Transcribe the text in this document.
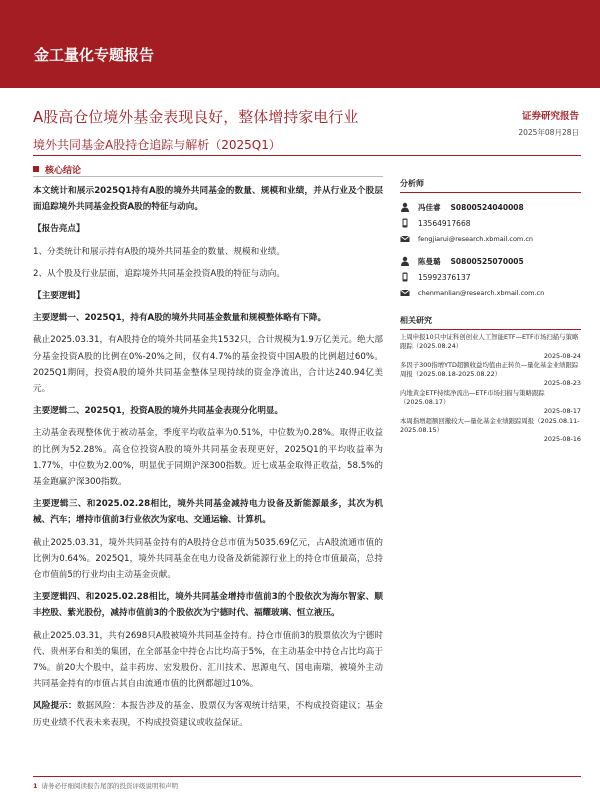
金工量化专题报告
A股高仓位境外基金表现良好，整体增持家电行业
境外共同基金A股持仓追踪与解析（2025Q1）
证券研究报告
2025年08月28日
核心结论

本文统计和展示2025Q1持有A股的境外共同基金的数量、规模和业绩，并从行业及个股层面追踪境外共同基金投资A股的特征与动向。

【报告亮点】

1、分类统计和展示持有A股的境外共同基金的数量、规模和业绩。

2、从个股及行业层面，追踪境外共同基金投资A股的特征与动向。

【主要逻辑】

主要逻辑一、2025Q1，持有A股的境外共同基金数量和规模整体略有下降。

截止2025.03.31，有A股持仓的境外共同基金共1532只，合计规模为1.9万亿美元。绝大部分基金投资A股的比例在0%-20%之间，仅有4.7%的基金投资中国A股的比例超过60%。2025Q1期间，投资A股的境外共同基金整体呈现持续的资金净流出，合计达240.94亿美元。

主要逻辑二、2025Q1，投资A股的境外共同基金表现分化明显。

主动基金表现整体优于被动基金，季度平均收益率为0.51%，中位数为0.28%。取得正收益的比例为52.28%。高仓位投资A股的境外共同基金表现更好，2025Q1的平均收益率为1.77%，中位数为2.00%，明显优于同期沪深300指数。近七成基金取得正收益，58.5%的基金跑赢沪深300指数。

主要逻辑三、和2025.02.28相比，境外共同基金减持电力设备及新能源最多，其次为机械、汽车；增持市值前3行业依次为家电、交通运输、计算机。

截止2025.03.31，境外共同基金持有的A股持仓总市值为5035.69亿元，占A股流通市值的比例为0.64%。2025Q1，境外共同基金在电力设备及新能源行业上的持仓市值最高，总持仓市值前5的行业均由主动基金贡献。

主要逻辑四、和2025.02.28相比，境外共同基金增持市值前3的个股依次为海尔智家、顺丰控股、紫光股份，减持市值前3的个股依次为宁德时代、福耀玻璃、恒立液压。

截止2025.03.31，共有2698只A股被境外共同基金持有。持仓市值前3的股票依次为宁德时代、贵州茅台和美的集团，在全部基金中持仓占比均高于5%，在主动基金中持仓占比均高于7%。前20大个股中，益丰药房、宏发股份、汇川技术、思源电气、国电南瑞，被境外主动共同基金持有的市值占其自由流通市值的比例都超过10%。

风险提示：数据风险：本报告涉及的基金、股票仅为客观统计结果，不构成投资建议；基金历史业绩不代表未来表现，不构成投资建议或收益保证。

分析师
冯佳睿 S0800524040008
13564917668
fengjiarui@research.xbmail.com.cn
陈曼璐 S0800525070005
15992376137
chenmanlian@research.xbmail.com.cn
相关研究
上周申报10只中证科创创业人工智能ETF—ETF市场扫描与策略跟踪（2025.08.24）
2025-08-24
多因子300指增YTD超额收益均值由正转负—量化基金业绩跟踪周报（2025.08.18-2025.08.22）
2025-08-23
内地黄金ETF持续净流出—ETF市场扫描与策略跟踪（2025.08.17）
2025-08-17
本周指增超额回撤较大—量化基金业绩跟踪周报（2025.08.11-2025.08.15）
2025-08-16
1 请务必仔细阅读报告尾部的投资评级说明和声明
